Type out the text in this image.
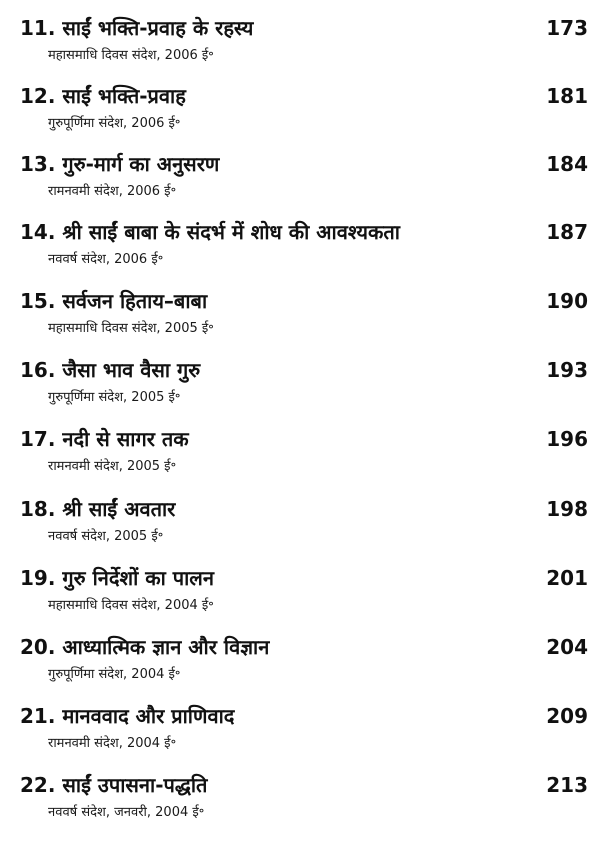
11. साईं भक्ति-प्रवाह के रहस्य	173
महासमाधि दिवस संदेश, 2006 ई॰
12. साईं भक्ति-प्रवाह	181
गुरुपूर्णिमा संदेश, 2006 ई॰
13. गुरु-मार्ग का अनुसरण	184
रामनवमी संदेश, 2006 ई॰
14. श्री साईं बाबा के संदर्भ में शोध की आवश्यकता	187
नववर्ष संदेश, 2006 ई॰
15. सर्वजन हिताय–बाबा	190
महासमाधि दिवस संदेश, 2005 ई॰
16. जैसा भाव वैसा गुरु	193
गुरुपूर्णिमा संदेश, 2005 ई॰
17. नदी से सागर तक	196
रामनवमी संदेश, 2005 ई॰
18. श्री साईं अवतार	198
नववर्ष संदेश, 2005 ई॰
19. गुरु निर्देशों का पालन	201
महासमाधि दिवस संदेश, 2004 ई॰
20. आध्यात्मिक ज्ञान और विज्ञान	204
गुरुपूर्णिमा संदेश, 2004 ई॰
21. मानववाद और प्राणिवाद	209
रामनवमी संदेश, 2004 ई॰
22. साईं उपासना-पद्धति	213
नववर्ष संदेश, जनवरी, 2004 ई॰
